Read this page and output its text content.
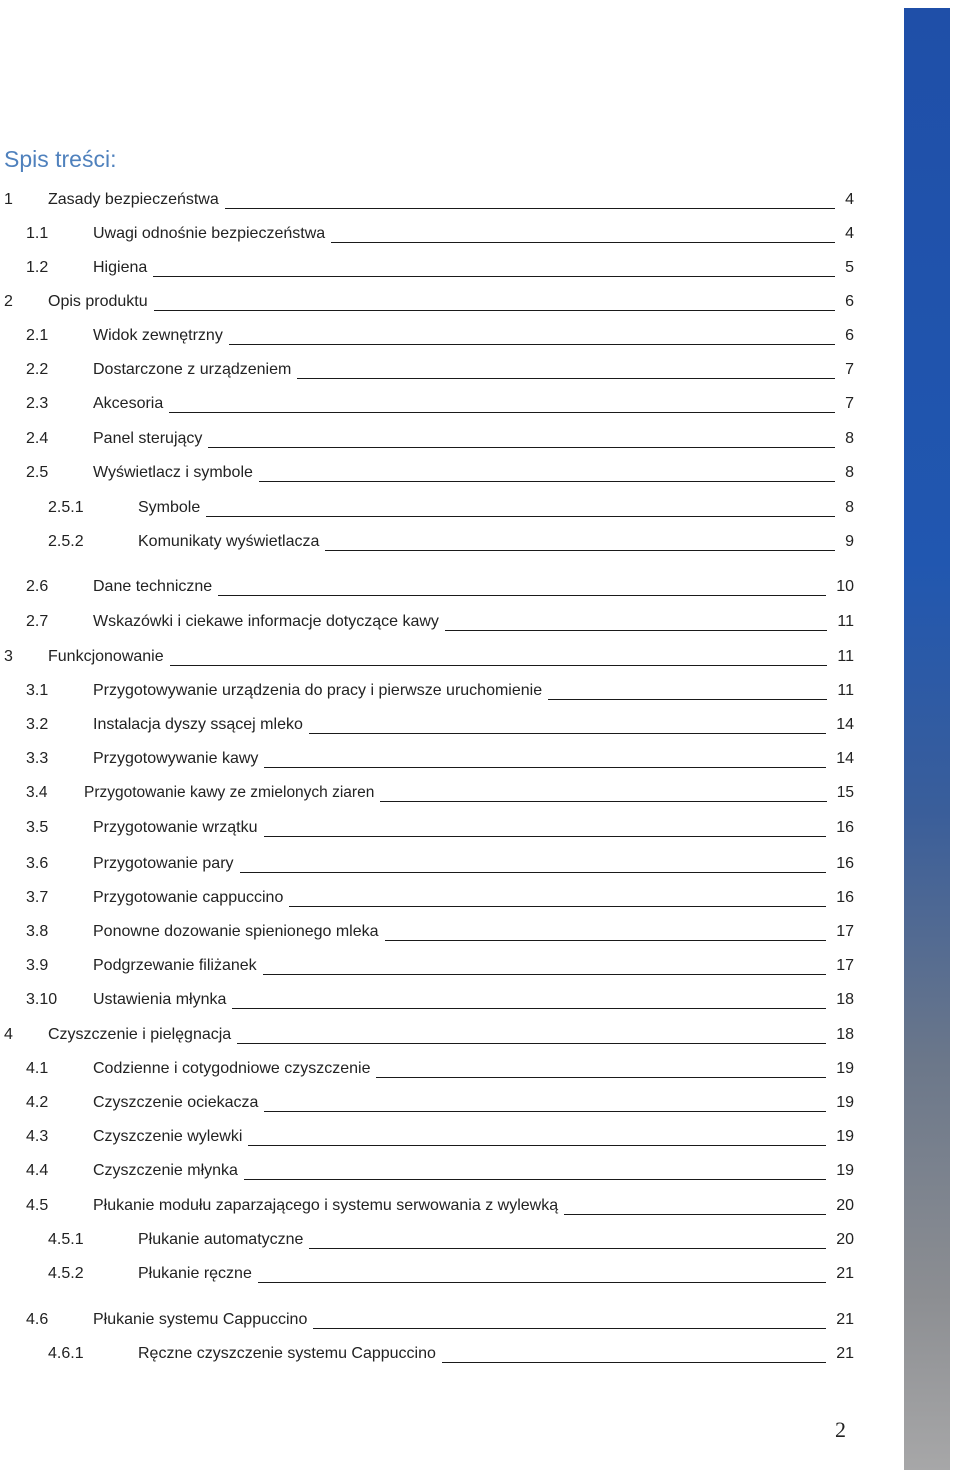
Spis treści:
1 Zasady bezpieczeństwa	4
1.1	Uwagi odnośnie bezpieczeństwa	4
1.2	Higiena	5
2 Opis produktu	6
2.1	Widok zewnętrzny	6
2.2	Dostarczone z urządzeniem	7
2.3	Akcesoria	7
2.4	Panel sterujący	8
2.5	Wyświetlacz i symbole	8
2.5.1	Symbole	8
2.5.2	Komunikaty wyświetlacza	9
2.6	Dane techniczne	10
2.7	Wskazówki i ciekawe informacje dotyczące kawy	11
3 Funkcjonowanie	11
3.1	Przygotowywanie urządzenia do pracy i pierwsze uruchomienie	11
3.2	Instalacja dyszy ssącej mleko	14
3.3	Przygotowywanie kawy	14
3.4 Przygotowanie kawy ze zmielonych ziaren	15
3.5	Przygotowanie wrzątku	16
3.6	Przygotowanie pary	16
3.7	Przygotowanie cappuccino	16
3.8	Ponowne dozowanie spienionego mleka	17
3.9	Podgrzewanie filiżanek	17
3.10 Ustawienia młynka	18
4 Czyszczenie i pielęgnacja	18
4.1	Codzienne i cotygodniowe czyszczenie	19
4.2	Czyszczenie ociekacza	19
4.3	Czyszczenie wylewki	19
4.4	Czyszczenie młynka	19
4.5	Płukanie modułu zaparzającego i systemu serwowania z wylewką	20
4.5.1	Płukanie automatyczne	20
4.5.2	Płukanie ręczne	21
4.6	Płukanie systemu Cappuccino	21
4.6.1	Ręczne czyszczenie systemu Cappuccino	21
2
